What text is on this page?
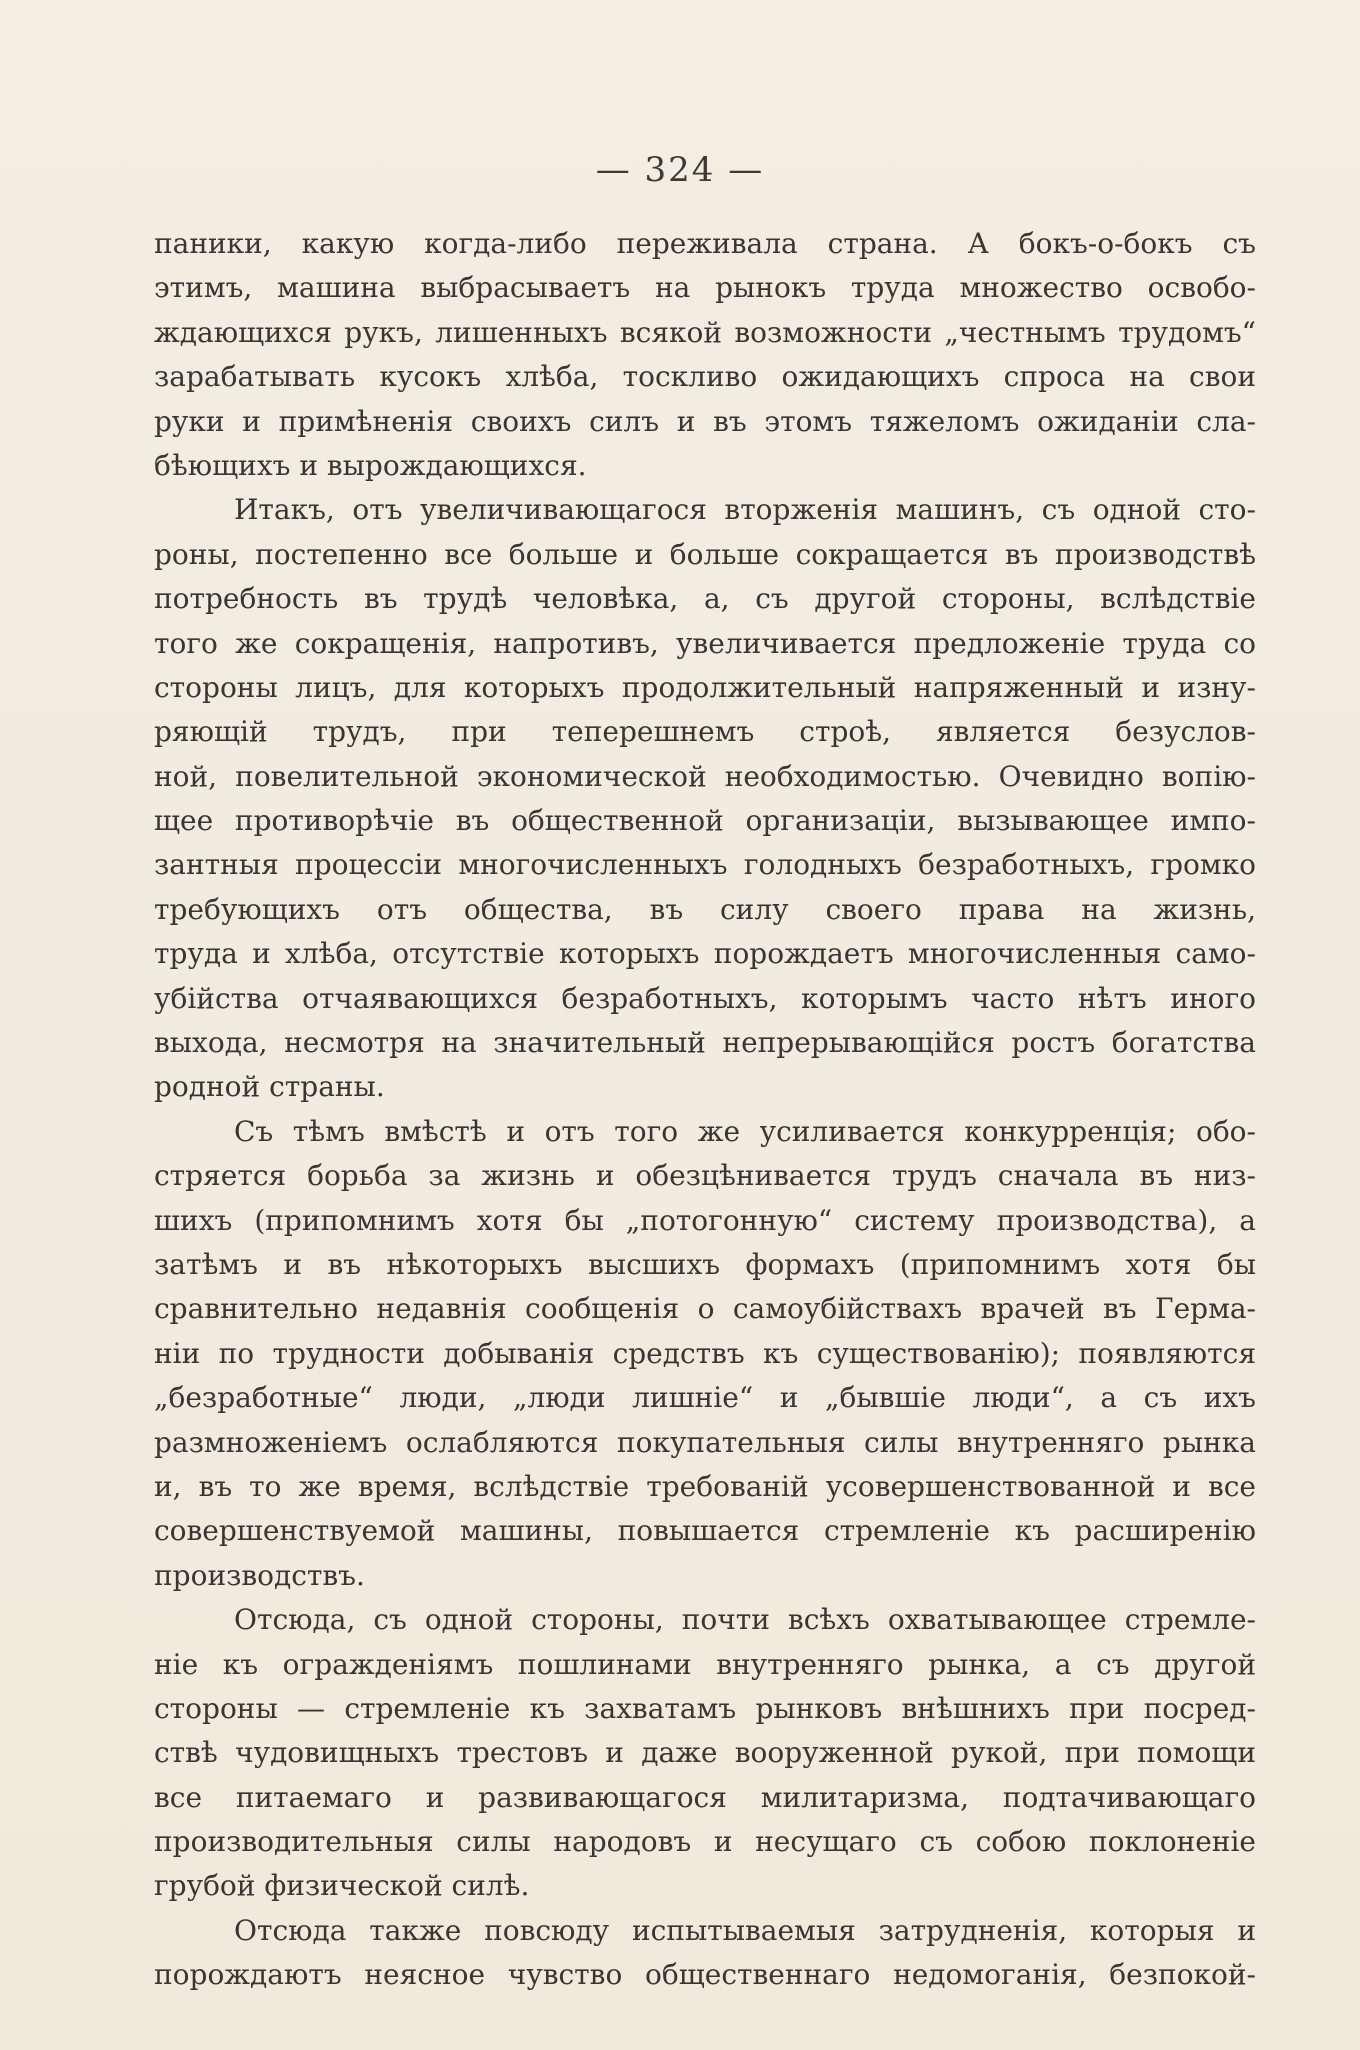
— 324 —
паники, какую когда-либо переживала страна. А бокъ-о-бокъ съ
этимъ, машина выбрасываетъ на рынокъ труда множество освобо-
ждающихся рукъ, лишенныхъ всякой возможности „честнымъ трудомъ“
зарабатывать кусокъ хлѣба, тоскливо ожидающихъ спроса на свои
руки и примѣненія своихъ силъ и въ этомъ тяжеломъ ожиданіи сла-
бѣющихъ и вырождающихся.
Итакъ, отъ увеличивающагося вторженія машинъ, съ одной сто-
роны, постепенно все больше и больше сокращается въ производствѣ
потребность въ трудѣ человѣка, а, съ другой стороны, вслѣдствіе
того же сокращенія, напротивъ, увеличивается предложеніе труда со
стороны лицъ, для которыхъ продолжительный напряженный и изну-
ряющій трудъ, при теперешнемъ строѣ, является безуслов-
ной, повелительной экономической необходимостью. Очевидно вопію-
щее противорѣчіе въ общественной организаціи, вызывающее импо-
зантныя процессіи многочисленныхъ голодныхъ безработныхъ, громко
требующихъ отъ общества, въ силу своего права на жизнь,
труда и хлѣба, отсутствіе которыхъ порождаетъ многочисленныя само-
убійства отчаявающихся безработныхъ, которымъ часто нѣтъ иного
выхода, несмотря на значительный непрерывающійся ростъ богатства
родной страны.
Съ тѣмъ вмѣстѣ и отъ того же усиливается конкурренція; обо-
стряется борьба за жизнь и обезцѣнивается трудъ сначала въ низ-
шихъ (припомнимъ хотя бы „потогонную“ систему производства), а
затѣмъ и въ нѣкоторыхъ высшихъ формахъ (припомнимъ хотя бы
сравнительно недавнія сообщенія о самоубійствахъ врачей въ Герма-
ніи по трудности добыванія средствъ къ существованію); появляются
„безработные“ люди, „люди лишніе“ и „бывшіе люди“, а съ ихъ
размноженіемъ ослабляются покупательныя силы внутренняго рынка
и, въ то же время, вслѣдствіе требованій усовершенствованной и все
совершенствуемой машины, повышается стремленіе къ расширенію
производствъ.
Отсюда, съ одной стороны, почти всѣхъ охватывающее стремле-
ніе къ огражденіямъ пошлинами внутренняго рынка, а съ другой
стороны — стремленіе къ захватамъ рынковъ внѣшнихъ при посред-
ствѣ чудовищныхъ трестовъ и даже вооруженной рукой, при помощи
все питаемаго и развивающагося милитаризма, подтачивающаго
производительныя силы народовъ и несущаго съ собою поклоненіе
грубой физической силѣ.
Отсюда также повсюду испытываемыя затрудненія, которыя и
порождаютъ неясное чувство общественнаго недомоганія, безпокой-
